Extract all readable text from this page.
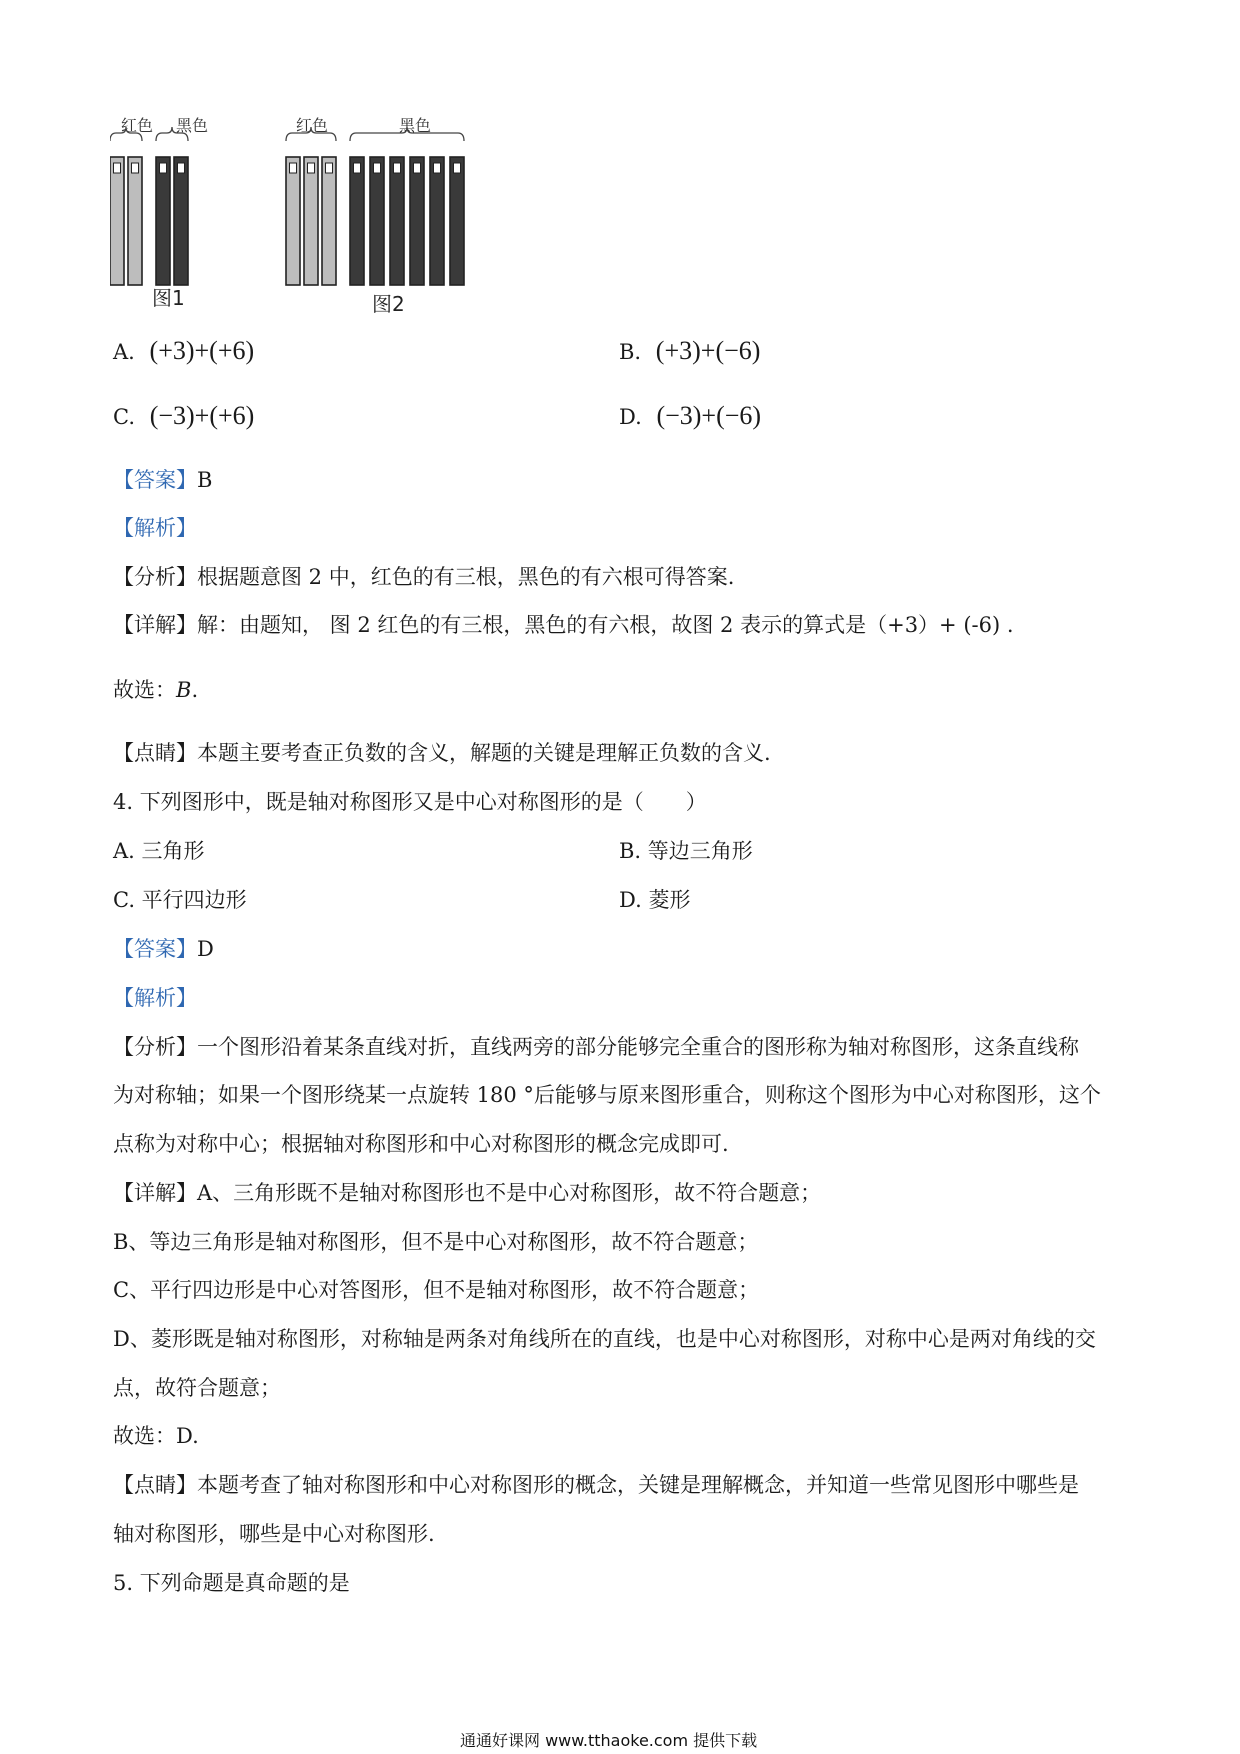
红色 黑色
图1
红色	黑色
图2
A. (+3)+(+6)	B. (+3)+(−6)
C. (−3)+(+6)	D. (−3)+(−6)
【答案】B
【解析】
【分析】根据题意图 2 中，红色的有三根，黑色的有六根可得答案.
【详解】解：由题知， 图 2 红色的有三根，黑色的有六根，故图 2 表示的算式是（+3）+ (-6) .
故选：B.
【点睛】本题主要考查正负数的含义，解题的关键是理解正负数的含义.
4. 下列图形中，既是轴对称图形又是中心对称图形的是（　　）
A. 三角形	B. 等边三角形
C. 平行四边形	D. 菱形
【答案】D
【解析】
【分析】一个图形沿着某条直线对折，直线两旁的部分能够完全重合的图形称为轴对称图形，这条直线称
为对称轴；如果一个图形绕某一点旋转 180 °后能够与原来图形重合，则称这个图形为中心对称图形，这个
点称为对称中心；根据轴对称图形和中心对称图形的概念完成即可.
【详解】A、三角形既不是轴对称图形也不是中心对称图形，故不符合题意；
B、等边三角形是轴对称图形，但不是中心对称图形，故不符合题意；
C、平行四边形是中心对答图形，但不是轴对称图形，故不符合题意；
D、菱形既是轴对称图形，对称轴是两条对角线所在的直线，也是中心对称图形，对称中心是两对角线的交
点，故符合题意；
故选：D.
【点睛】本题考查了轴对称图形和中心对称图形的概念，关键是理解概念，并知道一些常见图形中哪些是
轴对称图形，哪些是中心对称图形.
5. 下列命题是真命题的是
通通好课网 www.tthaoke.com 提供下载
